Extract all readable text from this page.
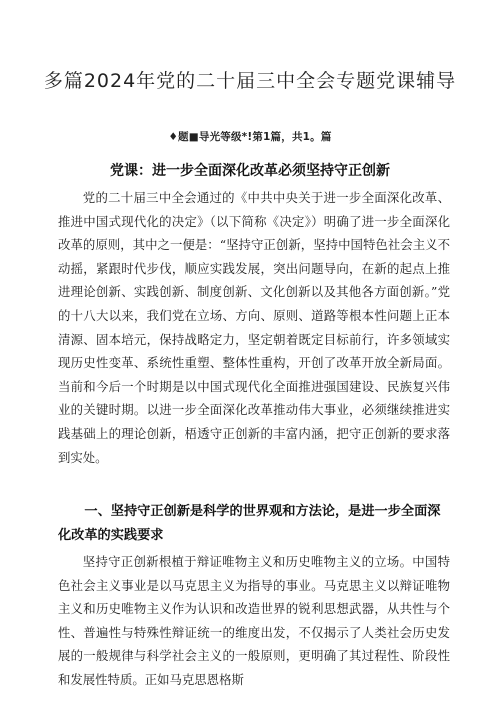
多篇2024年党的二十届三中全会专题党课辅导
♦题■导光等级*!第1篇，共1。篇
党课：进一步全面深化改革必须坚持守正创新

党的二十届三中全会通过的《中共中央关于进一步全面深化改革、推进中国式现代化的决定》（以下简称《决定》）明确了进一步全面深化改革的原则，其中之一便是：“坚持守正创新，坚持中国特色社会主义不动摇，紧跟时代步伐，顺应实践发展，突出问题导向，在新的起点上推进理论创新、实践创新、制度创新、文化创新以及其他各方面创新。”党的十八大以来，我们党在立场、方向、原则、道路等根本性问题上正本清源、固本培元，保持战略定力，坚定朝着既定目标前行，许多领域实现历史性变革、系统性重塑、整体性重构，开创了改革开放全新局面。当前和今后一个时期是以中国式现代化全面推进强国建设、民族复兴伟业的关键时期。以进一步全面深化改革推动伟大事业，必须继续推进实践基础上的理论创新，梧透守正创新的丰富内涵，把守正创新的要求落到实处。

一、坚持守正创新是科学的世界观和方法论，是进一步全面深化改革的实践要求

坚持守正创新根植于辩证唯物主义和历史唯物主义的立场。中国特色社会主义事业是以马克思主义为指导的事业。马克思主义以辩证唯物主义和历史唯物主义作为认识和改造世界的锐利思想武器，从共性与个性、普遍性与特殊性辩证统一的维度出发，不仅揭示了人类社会历史发展的一般规律与科学社会主义的一般原则，更明确了其过程性、阶段性和发展性特质。正如马克思恩格斯
